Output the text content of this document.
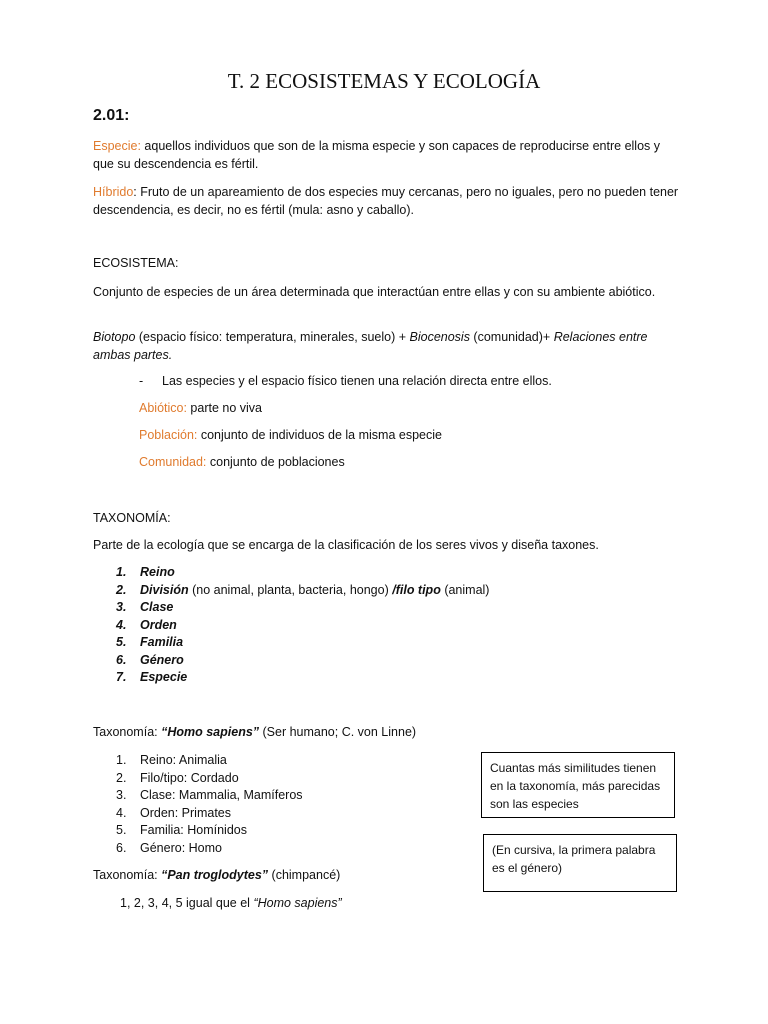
T. 2 ECOSISTEMAS Y ECOLOGÍA
2.01:
Especie: aquellos individuos que son de la misma especie y son capaces de reproducirse entre ellos y que su descendencia es fértil.
Híbrido: Fruto de un apareamiento de dos especies muy cercanas, pero no iguales, pero no pueden tener descendencia, es decir, no es fértil (mula: asno y caballo).
ECOSISTEMA:
Conjunto de especies de un área determinada que interactúan entre ellas y con su ambiente abiótico.
Biotopo (espacio físico: temperatura, minerales, suelo) + Biocenosis (comunidad)+ Relaciones entre ambas partes.
- Las especies y el espacio físico tienen una relación directa entre ellos.
Abiótico: parte no viva
Población: conjunto de individuos de la misma especie
Comunidad: conjunto de poblaciones
TAXONOMÍA:
Parte de la ecología que se encarga de la clasificación de los seres vivos y diseña taxones.
1. Reino
2. División (no animal, planta, bacteria, hongo) /filo tipo (animal)
3. Clase
4. Orden
5. Familia
6. Género
7. Especie
Taxonomía: “Homo sapiens” (Ser humano; C. von Linne)
1. Reino: Animalia
2. Filo/tipo: Cordado
3. Clase: Mammalia, Mamíferos
4. Orden: Primates
5. Familia: Homínidos
6. Género: Homo
Taxonomía: “Pan troglodytes” (chimpancé)
1, 2, 3, 4, 5 igual que el “Homo sapiens”
Cuantas más similitudes tienen en la taxonomía, más parecidas son las especies
(En cursiva, la primera palabra es el género)
